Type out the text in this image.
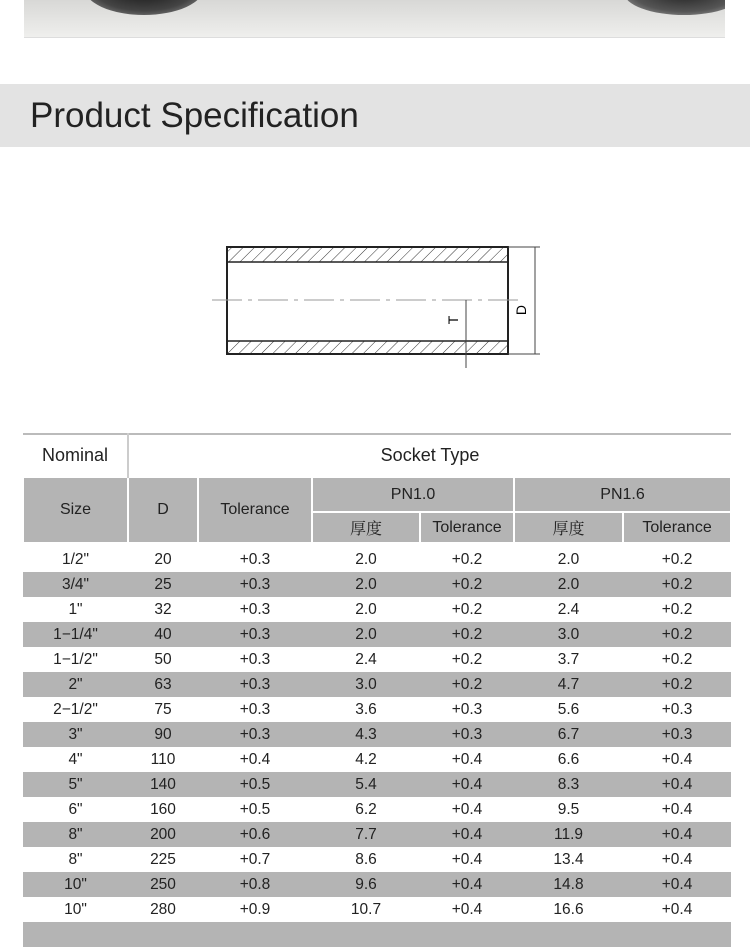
Product Specification
D
T
Nominal	Socket Type					
Size	D	Tolerance	PN1.0		PN1.6	
			厚度	Tolerance	厚度	Tolerance

1/2"	20	+0.3	2.0	+0.2	2.0	+0.2
3/4"	25	+0.3	2.0	+0.2	2.0	+0.2
1"	32	+0.3	2.0	+0.2	2.4	+0.2
1−1/4"	40	+0.3	2.0	+0.2	3.0	+0.2
1−1/2"	50	+0.3	2.4	+0.2	3.7	+0.2
2"	63	+0.3	3.0	+0.2	4.7	+0.2
2−1/2"	75	+0.3	3.6	+0.3	5.6	+0.3
3"	90	+0.3	4.3	+0.3	6.7	+0.3
4"	110	+0.4	4.2	+0.4	6.6	+0.4
5"	140	+0.5	5.4	+0.4	8.3	+0.4
6"	160	+0.5	6.2	+0.4	9.5	+0.4
8"	200	+0.6	7.7	+0.4	11.9	+0.4
8"	225	+0.7	8.6	+0.4	13.4	+0.4
10"	250	+0.8	9.6	+0.4	14.8	+0.4
10"	280	+0.9	10.7	+0.4	16.6	+0.4
